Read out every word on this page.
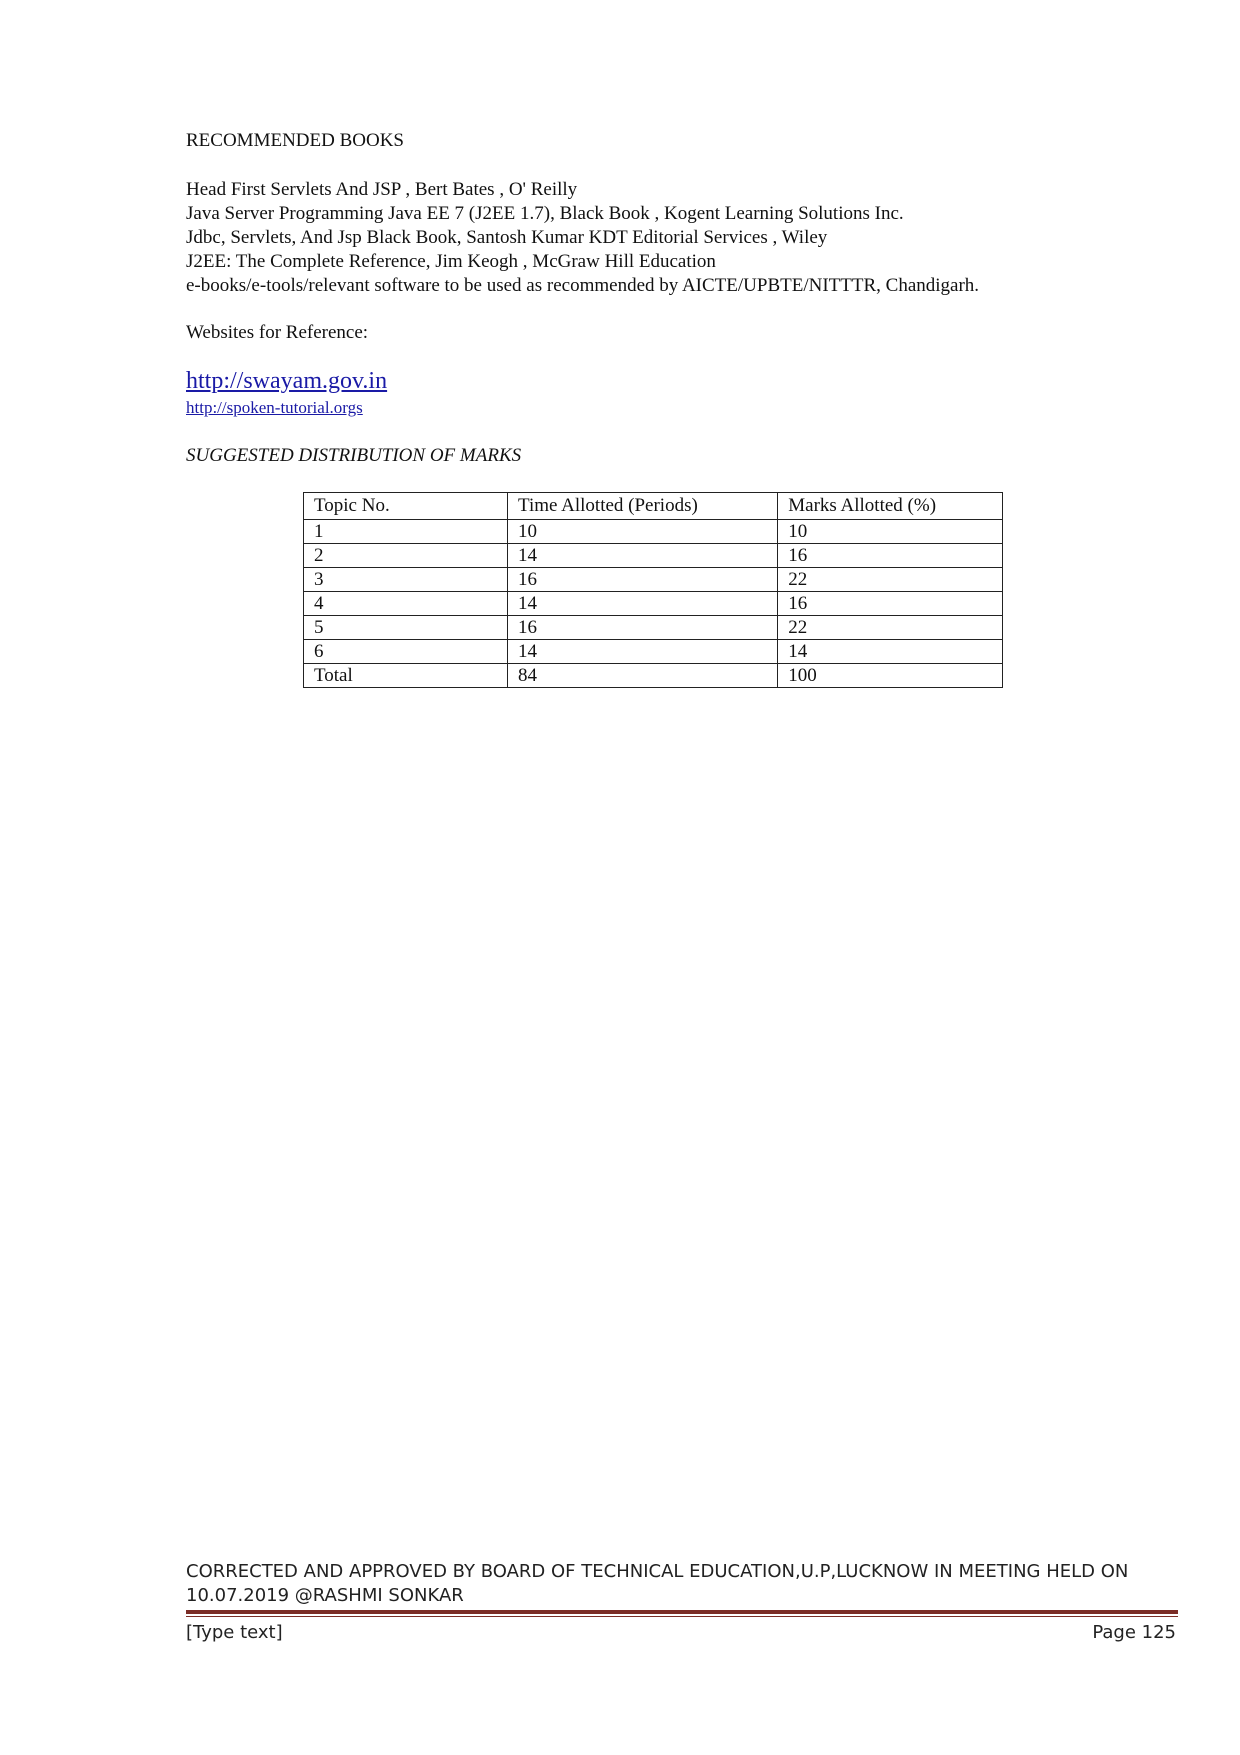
RECOMMENDED BOOKS
Head First Servlets And JSP , Bert Bates , O' Reilly
Java Server Programming Java EE 7 (J2EE 1.7), Black Book , Kogent Learning Solutions Inc.
Jdbc, Servlets, And Jsp Black Book, Santosh Kumar KDT Editorial Services , Wiley
J2EE: The Complete Reference, Jim Keogh , McGraw Hill Education
e-books/e-tools/relevant software to be used as recommended by AICTE/UPBTE/NITTTR, Chandigarh.
Websites for Reference:
http://swayam.gov.in
http://spoken-tutorial.orgs
SUGGESTED DISTRIBUTION OF MARKS
Topic No.	Time Allotted (Periods)	Marks Allotted (%)
1	10	10
2	14	16
3	16	22
4	14	16
5	16	22
6	14	14
Total	84	100
CORRECTED AND APPROVED BY BOARD OF TECHNICAL EDUCATION,U.P,LUCKNOW IN MEETING HELD ON 10.07.2019 @RASHMI SONKAR
[Type text]	Page 125
